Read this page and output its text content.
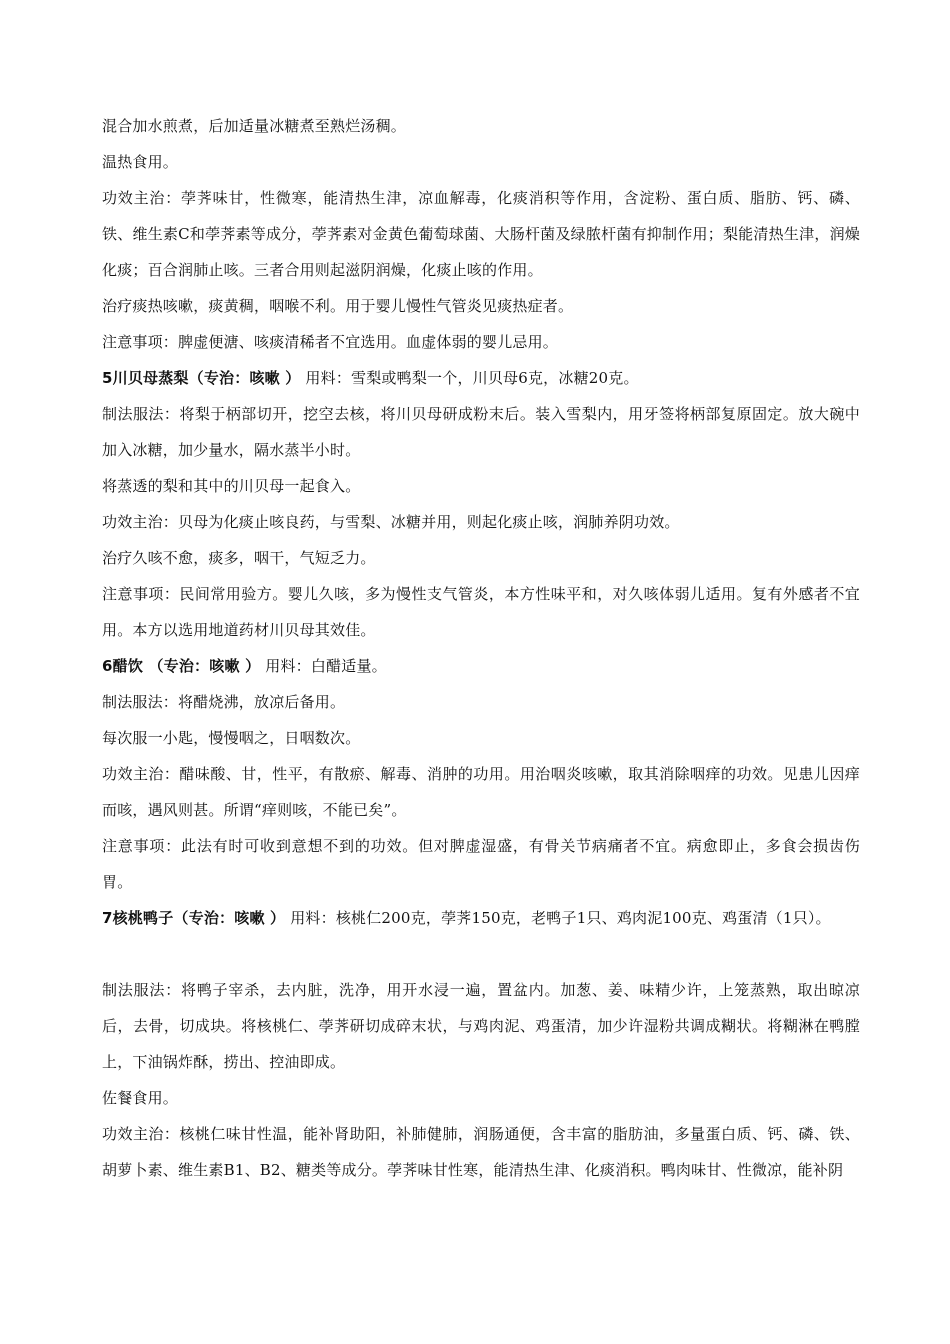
混合加水煎煮，后加适量冰糖煮至熟烂汤稠。

温热食用。

功效主治：荸荠味甘，性微寒，能清热生津，凉血解毒，化痰消积等作用，含淀粉、蛋白质、脂肪、钙、磷、铁、维生素C和荸荠素等成分，荸荠素对金黄色葡萄球菌、大肠杆菌及绿脓杆菌有抑制作用；梨能清热生津，润燥化痰；百合润肺止咳。三者合用则起滋阴润燥，化痰止咳的作用。

治疗痰热咳嗽，痰黄稠，咽喉不利。用于婴儿慢性气管炎见痰热症者。

注意事项：脾虚便溏、咳痰清稀者不宜选用。血虚体弱的婴儿忌用。

5川贝母蒸梨（专治：咳嗽 ） 用料：雪梨或鸭梨一个，川贝母6克，冰糖20克。

制法服法：将梨于柄部切开，挖空去核，将川贝母研成粉末后。装入雪梨内，用牙签将柄部复原固定。放大碗中加入冰糖，加少量水，隔水蒸半小时。

将蒸透的梨和其中的川贝母一起食入。

功效主治：贝母为化痰止咳良药，与雪梨、冰糖并用，则起化痰止咳，润肺养阴功效。

治疗久咳不愈，痰多，咽干，气短乏力。

注意事项：民间常用验方。婴儿久咳，多为慢性支气管炎，本方性味平和，对久咳体弱儿适用。复有外感者不宜用。本方以选用地道药材川贝母其效佳。

6醋饮 （专治：咳嗽 ） 用料：白醋适量。

制法服法：将醋烧沸，放凉后备用。

每次服一小匙，慢慢咽之，日咽数次。

功效主治：醋味酸、甘，性平，有散瘀、解毒、消肿的功用。用治咽炎咳嗽，取其消除咽痒的功效。见患儿因痒而咳，遇风则甚。所谓“痒则咳，不能已矣”。

注意事项：此法有时可收到意想不到的功效。但对脾虚湿盛，有骨关节病痛者不宜。病愈即止，多食会损齿伤胃。

7核桃鸭子（专治：咳嗽 ） 用料：核桃仁200克，荸荠150克，老鸭子1只、鸡肉泥100克、鸡蛋清（1只）。

制法服法：将鸭子宰杀，去内脏，洗净，用开水浸一遍，置盆内。加葱、姜、味精少许，上笼蒸熟，取出晾凉后，去骨，切成块。将核桃仁、荸荠研切成碎末状，与鸡肉泥、鸡蛋清，加少许湿粉共调成糊状。将糊淋在鸭膛上，下油锅炸酥，捞出、控油即成。

佐餐食用。

功效主治：核桃仁味甘性温，能补肾助阳，补肺健肺，润肠通便，含丰富的脂肪油，多量蛋白质、钙、磷、铁、胡萝卜素、维生素B1、B2、糖类等成分。荸荠味甘性寒，能清热生津、化痰消积。鸭肉味甘、性微凉，能补阴
